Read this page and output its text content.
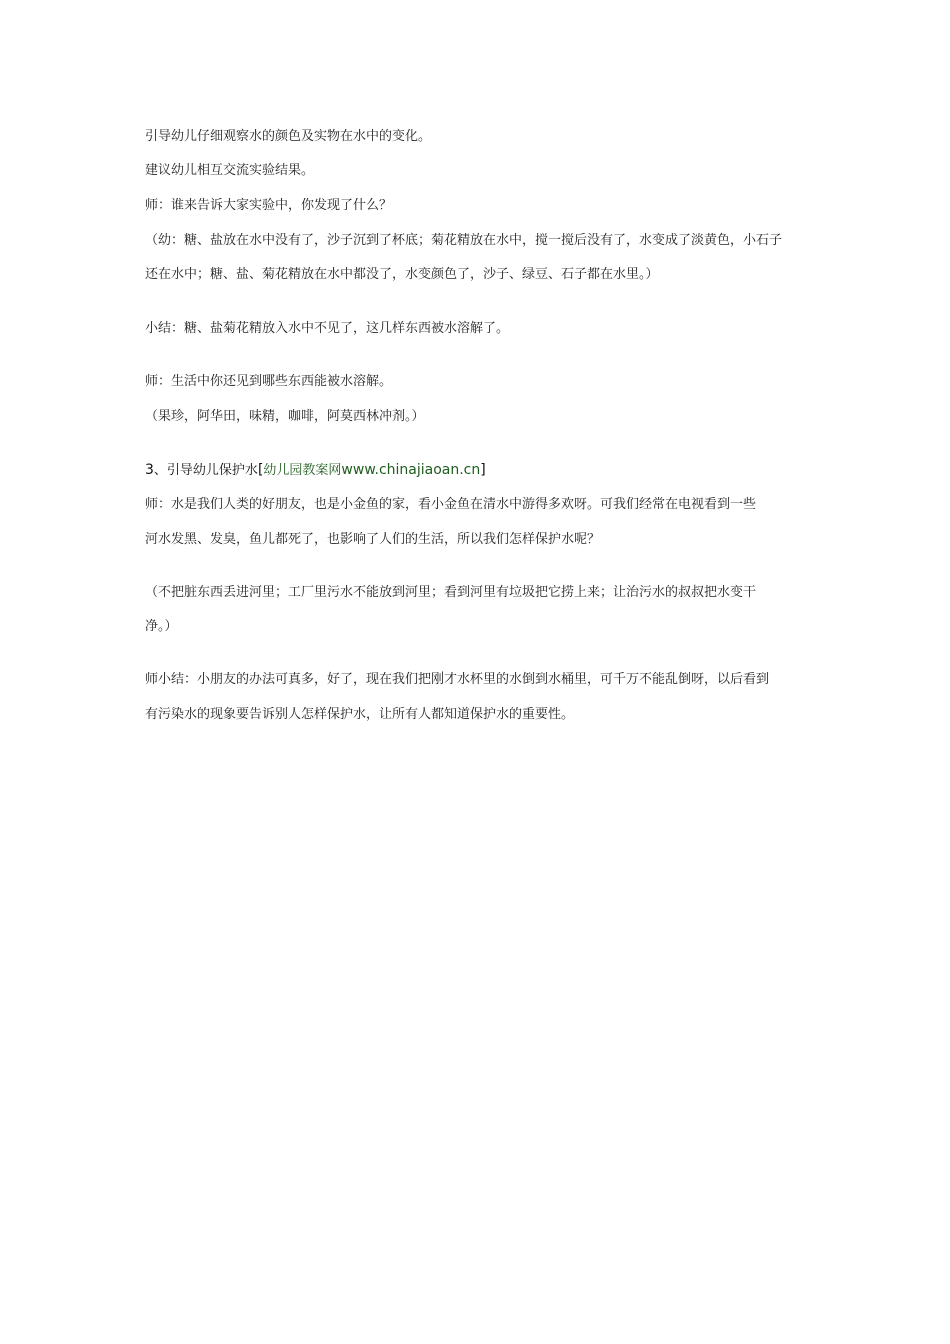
引导幼儿仔细观察水的颜色及实物在水中的变化。
建议幼儿相互交流实验结果。
师：谁来告诉大家实验中，你发现了什么？
（幼：糖、盐放在水中没有了，沙子沉到了杯底；菊花精放在水中，搅一搅后没有了，水变成了淡黄色，小石子
还在水中；糖、盐、菊花精放在水中都没了，水变颜色了，沙子、绿豆、石子都在水里。）
小结：糖、盐菊花精放入水中不见了，这几样东西被水溶解了。
师：生活中你还见到哪些东西能被水溶解。
（果珍，阿华田，味精，咖啡，阿莫西林冲剂。）
3、引导幼儿保护水[幼儿园教案网www.chinajiaoan.cn]
师：水是我们人类的好朋友，也是小金鱼的家，看小金鱼在清水中游得多欢呀。可我们经常在电视看到一些
河水发黑、发臭，鱼儿都死了，也影响了人们的生活，所以我们怎样保护水呢？
（不把脏东西丢进河里；工厂里污水不能放到河里；看到河里有垃圾把它捞上来；让治污水的叔叔把水变干
净。）
师小结：小朋友的办法可真多，好了，现在我们把刚才水杯里的水倒到水桶里，可千万不能乱倒呀，以后看到
有污染水的现象要告诉别人怎样保护水，让所有人都知道保护水的重要性。
